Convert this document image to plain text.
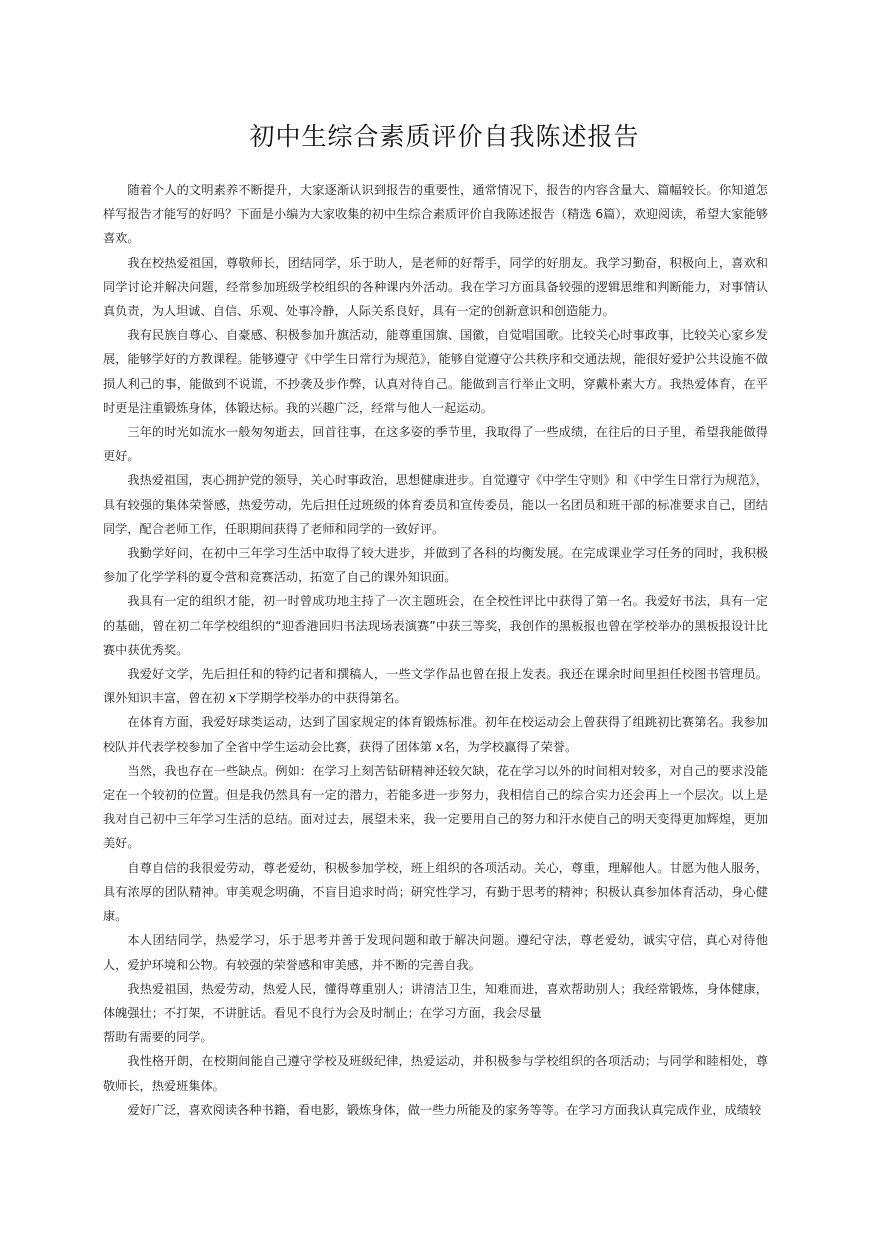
初中生综合素质评价自我陈述报告

随着个人的文明素养不断提升，大家逐渐认识到报告的重要性，通常情况下，报告的内容含量大、篇幅较长。你知道怎样写报告才能写的好吗？下面是小编为大家收集的初中生综合素质评价自我陈述报告（精选 6篇），欢迎阅读，希望大家能够喜欢。

我在校热爱祖国，尊敬师长，团结同学，乐于助人，是老师的好帮手，同学的好朋友。我学习勤奋，积极向上，喜欢和同学讨论并解决问题，经常参加班级学校组织的各种课内外活动。我在学习方面具备较强的逻辑思维和判断能力，对事情认真负责，为人坦诚、自信、乐观、处事冷静，人际关系良好，具有一定的创新意识和创造能力。

我有民族自尊心、自豪感、积极参加升旗活动，能尊重国旗、国徽，自觉唱国歌。比较关心时事政事，比较关心家乡发展，能够学好的方教课程。能够遵守《中学生日常行为规范》，能够自觉遵守公共秩序和交通法规，能很好爱护公共设施不做损人利己的事，能做到不说谎，不抄袭及步作弊，认真对待自己。能做到言行举止文明，穿戴朴素大方。我热爱体育，在平时更是注重锻炼身体，体锻达标。我的兴趣广泛，经常与他人一起运动。

三年的时光如流水一般匆匆逝去，回首往事，在这多姿的季节里，我取得了一些成绩，在往后的日子里，希望我能做得更好。

我热爱祖国，衷心拥护党的领导，关心时事政治，思想健康进步。自觉遵守《中学生守则》和《中学生日常行为规范》，具有较强的集体荣誉感，热爱劳动，先后担任过班级的体育委员和宣传委员，能以一名团员和班干部的标准要求自己，团结同学，配合老师工作，任职期间获得了老师和同学的一致好评。

我勤学好问，在初中三年学习生活中取得了较大进步，并做到了各科的均衡发展。在完成课业学习任务的同时，我积极参加了化学学科的夏令营和竞赛活动，拓宽了自己的课外知识面。

我具有一定的组织才能，初一时曾成功地主持了一次主题班会，在全校性评比中获得了第一名。我爱好书法，具有一定的基础，曾在初二年学校组织的“迎香港回归书法现场表演赛”中获三等奖，我创作的黑板报也曾在学校举办的黑板报设计比赛中获优秀奖。

我爱好文学，先后担任和的特约记者和撰稿人，一些文学作品也曾在报上发表。我还在课余时间里担任校图书管理员。课外知识丰富，曾在初 x下学期学校举办的中获得第名。

在体育方面，我爱好球类运动，达到了国家规定的体育锻炼标准。初年在校运动会上曾获得了组跳初比赛第名。我参加校队并代表学校参加了全省中学生运动会比赛，获得了团体第 x名，为学校赢得了荣誉。

当然，我也存在一些缺点。例如：在学习上刻苦钻研精神还较欠缺，花在学习以外的时间相对较多，对自己的要求没能定在一个较初的位置。但是我仍然具有一定的潜力，若能多进一步努力，我相信自己的综合实力还会再上一个层次。以上是我对自己初中三年学习生活的总结。面对过去，展望未来，我一定要用自己的努力和汗水使自己的明天变得更加辉煌，更加美好。

自尊自信的我很爱劳动，尊老爱幼，积极参加学校，班上组织的各项活动。关心，尊重，理解他人。甘愿为他人服务，具有浓厚的团队精神。审美观念明确，不盲目追求时尚；研究性学习，有勤于思考的精神；积极认真参加体育活动，身心健康。

本人团结同学，热爱学习，乐于思考并善于发现问题和敢于解决问题。遵纪守法，尊老爱幼，诚实守信，真心对待他人，爱护环境和公物。有较强的荣誉感和审美感，并不断的完善自我。

我热爱祖国，热爱劳动，热爱人民，懂得尊重别人；讲清洁卫生，知难而进，喜欢帮助别人；我经常锻炼，身体健康，体魄强壮；不打架，不讲脏话。看见不良行为会及时制止；在学习方面，我会尽量

帮助有需要的同学。

我性格开朗，在校期间能自己遵守学校及班级纪律，热爱运动，并积极参与学校组织的各项活动；与同学和睦相处，尊敬师长，热爱班集体。

爱好广泛，喜欢阅读各种书籍，看电影，锻炼身体，做一些力所能及的家务等等。在学习方面我认真完成作业，成绩较
